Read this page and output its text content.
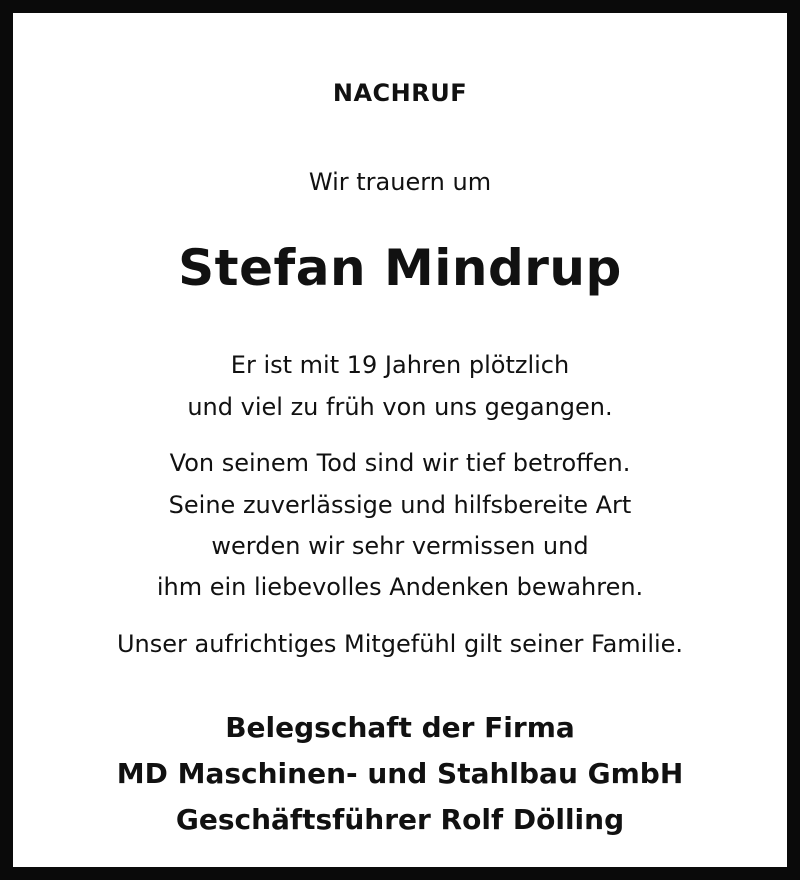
NACHRUF
Wir trauern um
Stefan Mindrup
Er ist mit 19 Jahren plötzlich
und viel zu früh von uns gegangen.
Von seinem Tod sind wir tief betroffen.
Seine zuverlässige und hilfsbereite Art
werden wir sehr vermissen und
ihm ein liebevolles Andenken bewahren.
Unser aufrichtiges Mitgefühl gilt seiner Familie.
Belegschaft der Firma
MD Maschinen- und Stahlbau GmbH
Geschäftsführer Rolf Dölling
